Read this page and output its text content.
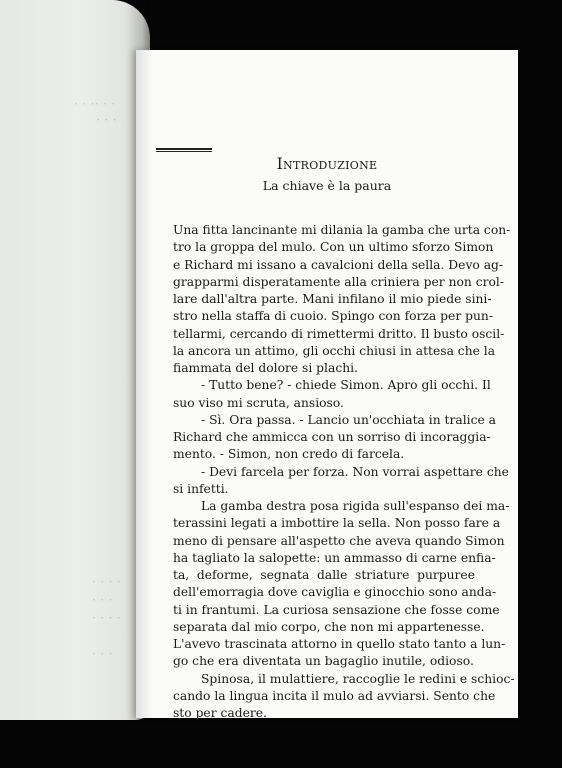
· · ·· · ·
· · ·
· · · ·
· · ·
· · · ·
· · ·
Introduzione
La chiave è la paura
Una fitta lancinante mi dilania la gamba che urta con-
tro la groppa del mulo. Con un ultimo sforzo Simon
e Richard mi issano a cavalcioni della sella. Devo ag-
grapparmi disperatamente alla criniera per non crol-
lare dall'altra parte. Mani infilano il mio piede sini-
stro nella staffa di cuoio. Spingo con forza per pun-
tellarmi, cercando di rimettermi dritto. Il busto oscil-
la ancora un attimo, gli occhi chiusi in attesa che la
fiammata del dolore si plachi.
- Tutto bene? - chiede Simon. Apro gli occhi. Il
suo viso mi scruta, ansioso.
- Sì. Ora passa. - Lancio un'occhiata in tralice a
Richard che ammicca con un sorriso di incoraggia-
mento. - Simon, non credo di farcela.
- Devi farcela per forza. Non vorrai aspettare che
si infetti.
La gamba destra posa rigida sull'espanso dei ma-
terassini legati a imbottire la sella. Non posso fare a
meno di pensare all'aspetto che aveva quando Simon
ha tagliato la salopette: un ammasso di carne enfia-
ta, deforme, segnata dalle striature purpuree
dell'emorragia dove caviglia e ginocchio sono anda-
ti in frantumi. La curiosa sensazione che fosse come
separata dal mio corpo, che non mi appartenesse.
L'avevo trascinata attorno in quello stato tanto a lun-
go che era diventata un bagaglio inutile, odioso.
Spinosa, il mulattiere, raccoglie le redini e schioc-
cando la lingua incita il mulo ad avviarsi. Sento che
sto per cadere.
